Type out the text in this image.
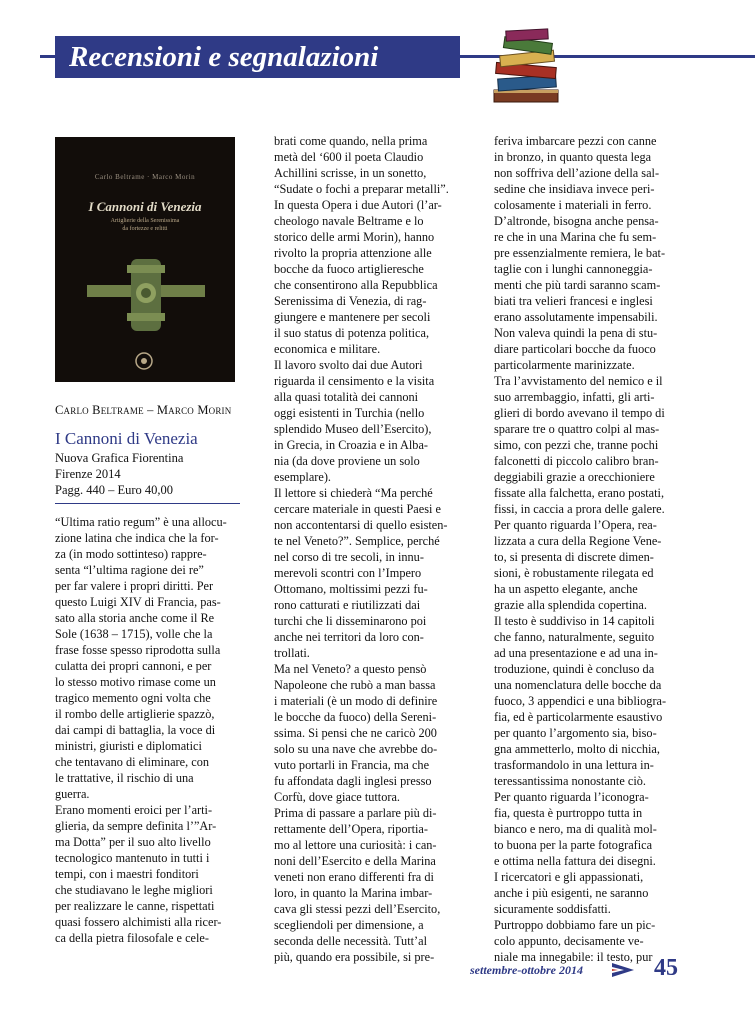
Recensioni e segnalazioni
Carlo Beltrame · Marco Morin
I Cannoni di Venezia
Artiglierie della Serenissima
da fortezze e relitti
Carlo Beltrame – Marco Morin
I Cannoni di Venezia
Nuova Grafica Fiorentina
Firenze 2014
Pagg. 440 – Euro 40,00
“Ultima ratio regum” è una allocu-
zione latina che indica che la for-
za (in modo sottinteso) rappre-
senta “l’ultima ragione dei re”
per far valere i propri diritti. Per
questo Luigi XIV di Francia, pas-
sato alla storia anche come il Re
Sole (1638 – 1715), volle che la
frase fosse spesso riprodotta sulla
culatta dei propri cannoni, e per
lo stesso motivo rimase come un
tragico memento ogni volta che
il rombo delle artiglierie spazzò,
dai campi di battaglia, la voce di
ministri, giuristi e diplomatici
che tentavano di eliminare, con
le trattative, il rischio di una
guerra.
Erano momenti eroici per l’arti-
glieria, da sempre definita l’”Ar-
ma Dotta” per il suo alto livello
tecnologico mantenuto in tutti i
tempi, con i maestri fonditori
che studiavano le leghe migliori
per realizzare le canne, rispettati
quasi fossero alchimisti alla ricer-
ca della pietra filosofale e cele-
brati come quando, nella prima
metà del ‘600 il poeta Claudio
Achillini scrisse, in un sonetto,
“Sudate o fochi a preparar metalli”.
In questa Opera i due Autori (l’ar-
cheologo navale Beltrame e lo
storico delle armi Morin), hanno
rivolto la propria attenzione alle
bocche da fuoco artiglieresche
che consentirono alla Repubblica
Serenissima di Venezia, di rag-
giungere e mantenere per secoli
il suo status di potenza politica,
economica e militare.
Il lavoro svolto dai due Autori
riguarda il censimento e la visita
alla quasi totalità dei cannoni
oggi esistenti in Turchia (nello
splendido Museo dell’Esercito),
in Grecia, in Croazia e in Alba-
nia (da dove proviene un solo
esemplare).
Il lettore si chiederà “Ma perché
cercare materiale in questi Paesi e
non accontentarsi di quello esisten-
te nel Veneto?”. Semplice, perché
nel corso di tre secoli, in innu-
merevoli scontri con l’Impero
Ottomano, moltissimi pezzi fu-
rono catturati e riutilizzati dai
turchi che li disseminarono poi
anche nei territori da loro con-
trollati.
Ma nel Veneto? a questo pensò
Napoleone che rubò a man bassa
i materiali (è un modo di definire
le bocche da fuoco) della Sereni-
ssima. Si pensi che ne caricò 200
solo su una nave che avrebbe do-
vuto portarli in Francia, ma che
fu affondata dagli inglesi presso
Corfù, dove giace tuttora.
Prima di passare a parlare più di-
rettamente dell’Opera, riportia-
mo al lettore una curiosità: i can-
noni dell’Esercito e della Marina
veneti non erano differenti fra di
loro, in quanto la Marina imbar-
cava gli stessi pezzi dell’Esercito,
scegliendoli per dimensione, a
seconda delle necessità. Tutt’al
più, quando era possibile, si pre-
feriva imbarcare pezzi con canne
in bronzo, in quanto questa lega
non soffriva dell’azione della sal-
sedine che insidiava invece peri-
colosamente i materiali in ferro.
D’altronde, bisogna anche pensa-
re che in una Marina che fu sem-
pre essenzialmente remiera, le bat-
taglie con i lunghi cannoneggia-
menti che più tardi saranno scam-
biati tra velieri francesi e inglesi
erano assolutamente impensabili.
Non valeva quindi la pena di stu-
diare particolari bocche da fuoco
particolarmente marinizzate.
Tra l’avvistamento del nemico e il
suo arrembaggio, infatti, gli arti-
glieri di bordo avevano il tempo di
sparare tre o quattro colpi al mas-
simo, con pezzi che, tranne pochi
falconetti di piccolo calibro bran-
deggiabili grazie a orecchioniere
fissate alla falchetta, erano postati,
fissi, in caccia a prora delle galere.
Per quanto riguarda l’Opera, rea-
lizzata a cura della Regione Vene-
to, si presenta di discrete dimen-
sioni, è robustamente rilegata ed
ha un aspetto elegante, anche
grazie alla splendida copertina.
Il testo è suddiviso in 14 capitoli
che fanno, naturalmente, seguito
ad una presentazione e ad una in-
troduzione, quindi è concluso da
una nomenclatura delle bocche da
fuoco, 3 appendici e una bibliogra-
fia, ed è particolarmente esaustivo
per quanto l’argomento sia, biso-
gna ammetterlo, molto di nicchia,
trasformandolo in una lettura in-
teressantissima nonostante ciò.
Per quanto riguarda l’iconogra-
fia, questa è purtroppo tutta in
bianco e nero, ma di qualità mol-
to buona per la parte fotografica
e ottima nella fattura dei disegni.
I ricercatori e gli appassionati,
anche i più esigenti, ne saranno
sicuramente soddisfatti.
Purtroppo dobbiamo fare un pic-
colo appunto, decisamente ve-
niale ma innegabile: il testo, pur
settembre-ottobre 2014	45
